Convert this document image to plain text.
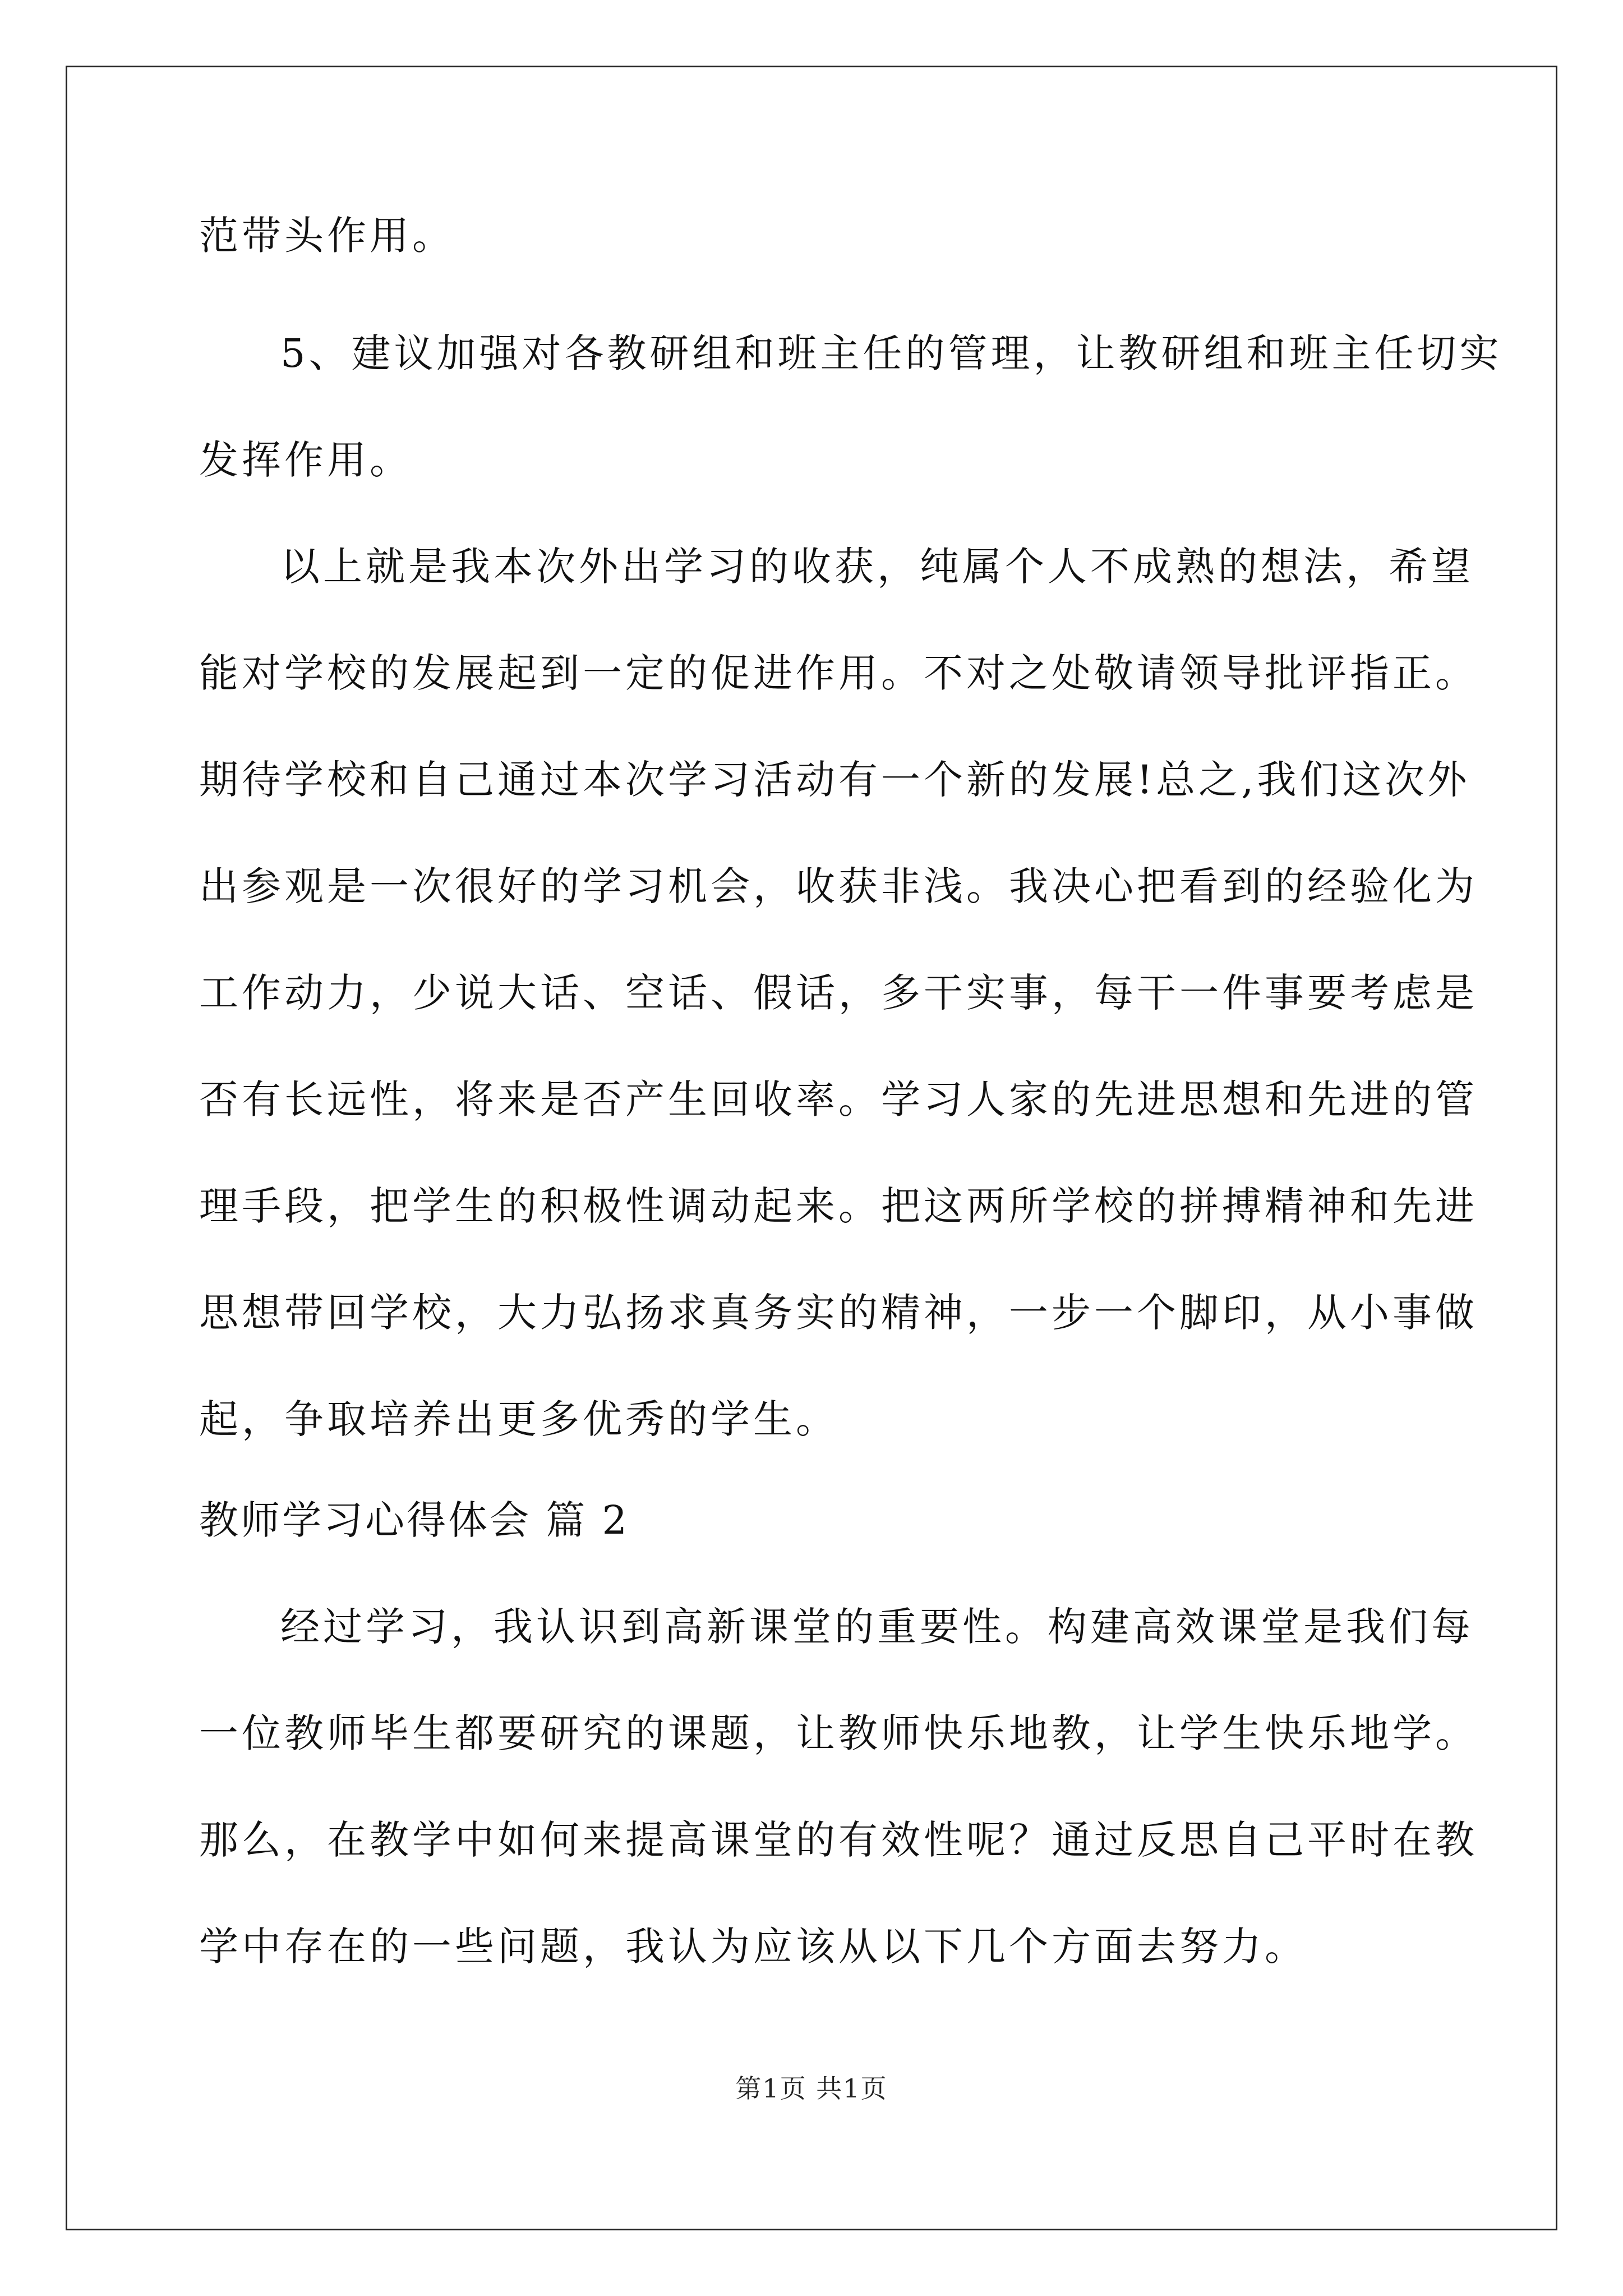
范带头作用。
5、建议加强对各教研组和班主任的管理，让教研组和班主任切实
发挥作用。
以上就是我本次外出学习的收获，纯属个人不成熟的想法，希望
能对学校的发展起到一定的促进作用。不对之处敬请领导批评指正。
期待学校和自己通过本次学习活动有一个新的发展!总之,我们这次外
出参观是一次很好的学习机会，收获非浅。我决心把看到的经验化为
工作动力，少说大话、空话、假话，多干实事，每干一件事要考虑是
否有长远性，将来是否产生回收率。学习人家的先进思想和先进的管
理手段，把学生的积极性调动起来。把这两所学校的拼搏精神和先进
思想带回学校，大力弘扬求真务实的精神，一步一个脚印，从小事做
起，争取培养出更多优秀的学生。
教师学习心得体会 篇 2
经过学习，我认识到高新课堂的重要性。构建高效课堂是我们每
一位教师毕生都要研究的课题，让教师快乐地教，让学生快乐地学。
那么，在教学中如何来提高课堂的有效性呢？通过反思自己平时在教
学中存在的一些问题，我认为应该从以下几个方面去努力。
第1页 共1页
